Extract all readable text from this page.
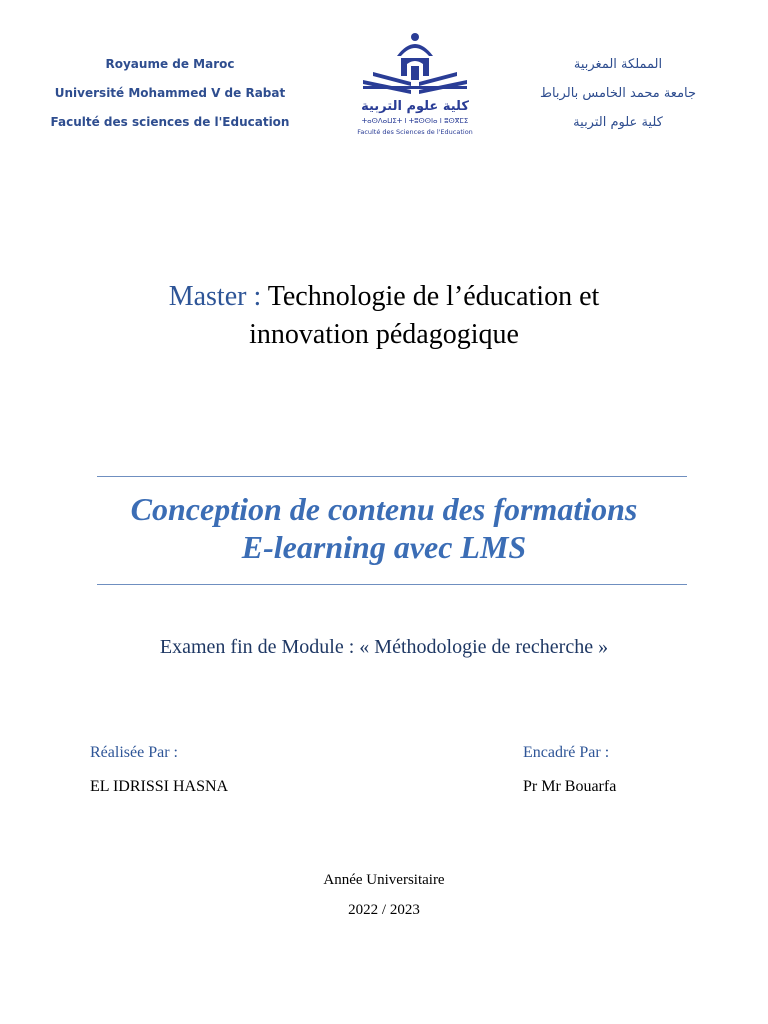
Royaume de Maroc
Université Mohammed V de Rabat
Faculté des sciences de l'Education
كلية علوم التربية
ⵜⴰⵙⴷⴰⵡⵉⵜ ⵏ ⵜⵓⵙⵙⵏⴰ ⵏ ⵓⵙⴳⵎⵉ
Faculté des Sciences de l'Education
المملكة المغربية
جامعة محمد الخامس بالرباط
كلية علوم التربية
Master : Technologie de l’éducation et
innovation pédagogique
Conception de contenu des formations
E-learning avec LMS
Examen fin de Module : « Méthodologie de recherche »
Réalisée Par :
EL IDRISSI HASNA
Encadré Par :
Pr Mr Bouarfa
Année Universitaire
2022 / 2023
